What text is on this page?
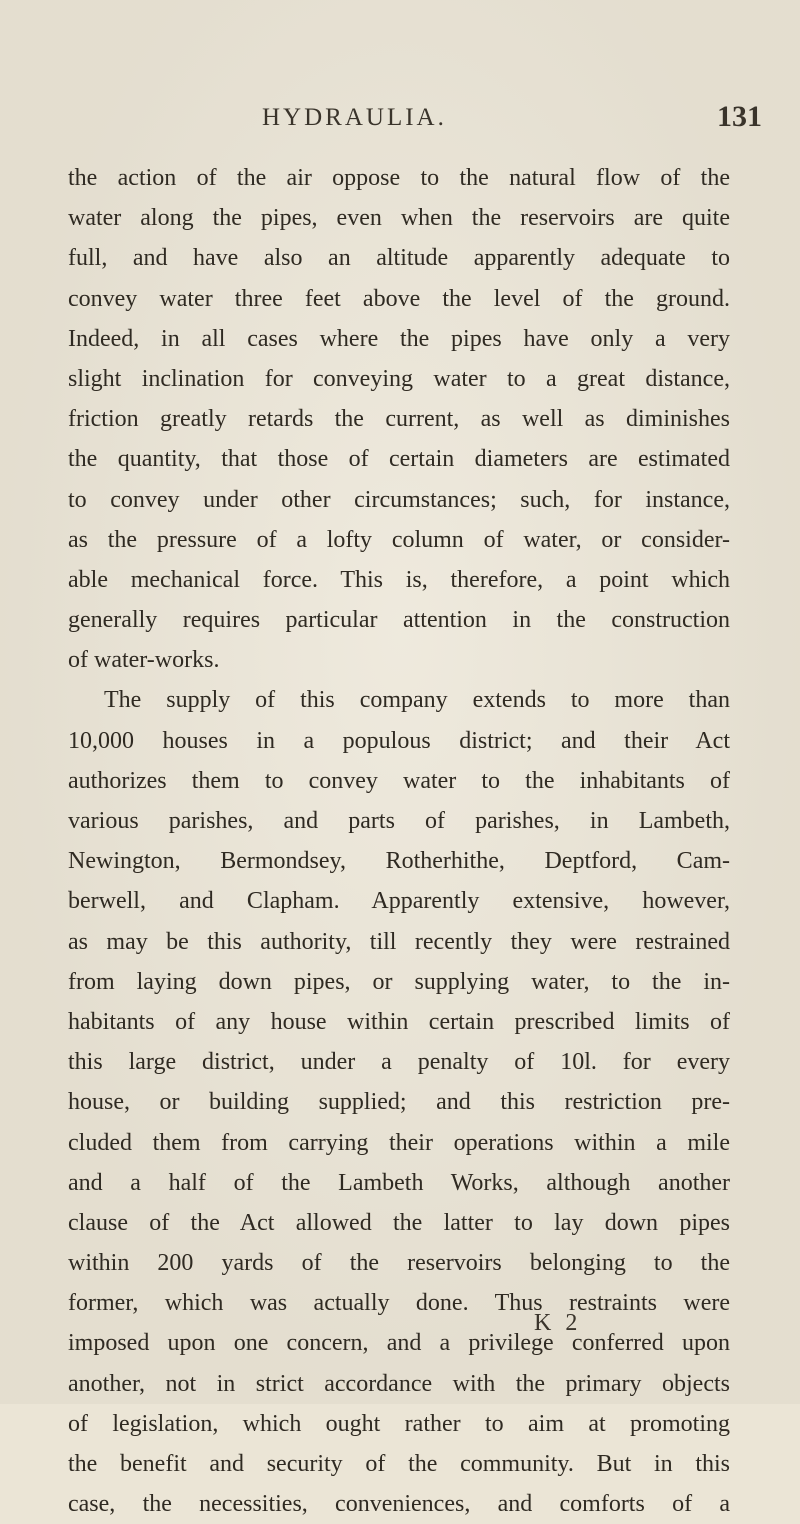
HYDRAULIA.	131
the action of the air oppose to the natural flow of the
water along the pipes, even when the reservoirs are quite
full, and have also an altitude apparently adequate to
convey water three feet above the level of the ground.
Indeed, in all cases where the pipes have only a very
slight inclination for conveying water to a great distance,
friction greatly retards the current, as well as diminishes
the quantity, that those of certain diameters are estimated
to convey under other circumstances; such, for instance,
as the pressure of a lofty column of water, or consider-
able mechanical force. This is, therefore, a point which
generally requires particular attention in the construction
of water-works.
The supply of this company extends to more than
10,000 houses in a populous district; and their Act
authorizes them to convey water to the inhabitants of
various parishes, and parts of parishes, in Lambeth,
Newington, Bermondsey, Rotherhithe, Deptford, Cam-
berwell, and Clapham. Apparently extensive, however,
as may be this authority, till recently they were restrained
from laying down pipes, or supplying water, to the in-
habitants of any house within certain prescribed limits of
this large district, under a penalty of 10l. for every
house, or building supplied; and this restriction pre-
cluded them from carrying their operations within a mile
and a half of the Lambeth Works, although another
clause of the Act allowed the latter to lay down pipes
within 200 yards of the reservoirs belonging to the
former, which was actually done. Thus restraints were
imposed upon one concern, and a privilege conferred upon
another, not in strict accordance with the primary objects
of legislation, which ought rather to aim at promoting
the benefit and security of the community. But in this
case, the necessities, conveniences, and comforts of a
K 2
